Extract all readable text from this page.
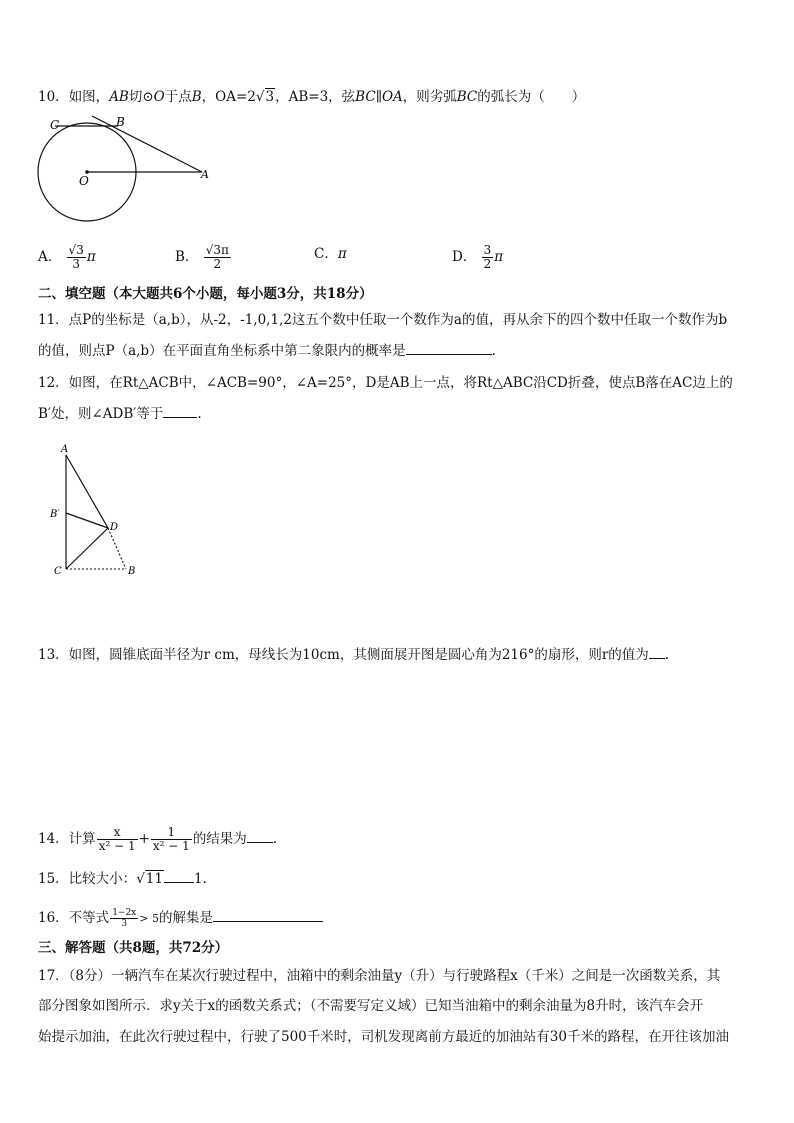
10．如图，AB切⊙O于点B，OA=2√3，AB=3，弦BC∥OA，则劣弧BC的弧长为（　　）
C	B
O	A
A． $\frac{√3}{3}$ π	B． $\frac{√3\pi}{2}$	C．π	D． $\frac{3}{2}$ π
二、填空题（本大题共6个小题，每小题3分，共18分）
11．点P的坐标是（a,b），从-2，-1,0,1,2这五个数中任取一个数作为a的值，再从余下的四个数中任取一个数作为b
的值，则点P（a,b）在平面直角坐标系中第二象限内的概率是	.
12．如图，在Rt△ACB中，∠ACB=90°，∠A=25°，D是AB上一点，将Rt△ABC沿CD折叠，使点B落在AC边上的
B′处，则∠ADB′等于	.
A
B′
D
C	B
13．如图，圆锥底面半径为r cm，母线长为10cm，其侧面展开图是圆心角为216°的扇形，则r的值为 .
14．计算 $\frac{x}{\text{x² − 1}} + \frac{1}{\text{x² − 1}}$ 的结果为 .
15．比较大小：√11 1.
16．不等式 $\frac{1-2x}{3} > 5$的解集是
三、解答题（共8题，共72分）
17．（8分）一辆汽车在某次行驶过程中，油箱中的剩余油量y（升）与行驶路程x（千米）之间是一次函数关系，其
部分图象如图所示．求y关于x的函数关系式；（不需要写定义域）已知当油箱中的剩余油量为8升时，该汽车会开
始提示加油，在此次行驶过程中，行驶了500千米时，司机发现离前方最近的加油站有30千米的路程，在开往该加油
